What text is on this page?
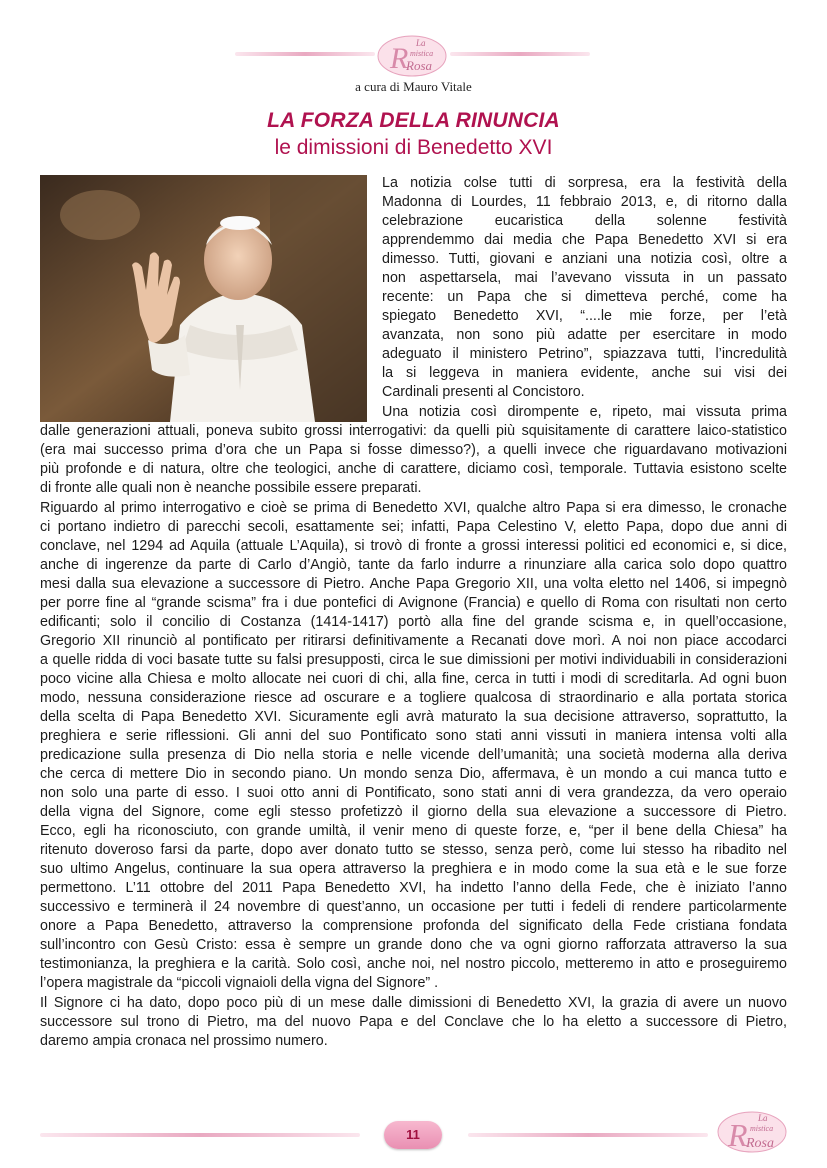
R La
mistica
Rosa
a cura di Mauro Vitale
LA FORZA DELLA RINUNCIA
le dimissioni di Benedetto XVI

La notizia colse tutti di sorpresa, era la festività della

Madonna di Lourdes, 11 febbraio 2013, e, di ritorno dalla

celebrazione eucaristica della solenne festività

apprendemmo dai media che Papa Benedetto XVI si era

dimesso. Tutti, giovani e anziani una notizia così, oltre a

non aspettarsela, mai l’avevano vissuta in un passato

recente: un Papa che si dimetteva perché, come ha

spiegato Benedetto XVI, “....le mie forze, per l’età

avanzata, non sono più adatte per esercitare in modo

adeguato il ministero Petrino”, spiazzava tutti, l’incredulità

la si leggeva in maniera evidente, anche sui visi dei

Cardinali presenti al Concistoro.

Una notizia così dirompente e, ripeto, mai vissuta prima

dalle generazioni attuali, poneva subito grossi interrogativi: da quelli più squisitamente di carattere laico-statistico

(era mai successo prima d’ora che un Papa si fosse dimesso?), a quelli invece che riguardavano motivazioni

più profonde e di natura, oltre che teologici, anche di carattere, diciamo così, temporale. Tuttavia esistono scelte

di fronte alle quali non è neanche possibile essere preparati.

Riguardo al primo interrogativo e cioè se prima di Benedetto XVI, qualche altro Papa si era dimesso, le cronache

ci portano indietro di parecchi secoli, esattamente sei; infatti, Papa Celestino V, eletto Papa, dopo due anni di

conclave, nel 1294 ad Aquila (attuale L’Aquila), si trovò di fronte a grossi interessi politici ed economici e, si dice,

anche di ingerenze da parte di Carlo d’Angiò, tante da farlo indurre a rinunziare alla carica solo dopo quattro

mesi dalla sua elevazione a successore di Pietro. Anche Papa Gregorio XII, una volta eletto nel 1406, si impegnò

per porre fine al “grande scisma” fra i due pontefici di Avignone (Francia) e quello di Roma con risultati non certo

edificanti; solo il concilio di Costanza (1414-1417) portò alla fine del grande scisma e, in quell’occasione,

Gregorio XII rinunciò al pontificato per ritirarsi definitivamente a Recanati dove morì. A noi non piace accodarci

a quelle ridda di voci basate tutte su falsi presupposti, circa le sue dimissioni per motivi individuabili in considerazioni

poco vicine alla Chiesa e molto allocate nei cuori di chi, alla fine, cerca in tutti i modi di screditarla. Ad ogni buon

modo, nessuna considerazione riesce ad oscurare e a togliere qualcosa di straordinario e alla portata storica

della scelta di Papa Benedetto XVI. Sicuramente egli avrà maturato la sua decisione attraverso, soprattutto, la

preghiera e serie riflessioni. Gli anni del suo Pontificato sono stati anni vissuti in maniera intensa volti alla

predicazione sulla presenza di Dio nella storia e nelle vicende dell’umanità; una società moderna alla deriva

che cerca di mettere Dio in secondo piano. Un mondo senza Dio, affermava, è un mondo a cui manca tutto e

non solo una parte di esso. I suoi otto anni di Pontificato, sono stati anni di vera grandezza, da vero operaio

della vigna del Signore, come egli stesso profetizzò il giorno della sua elevazione a successore di Pietro.

Ecco, egli ha riconosciuto, con grande umiltà, il venir meno di queste forze, e, “per il bene della Chiesa” ha

ritenuto doveroso farsi da parte, dopo aver donato tutto se stesso, senza però, come lui stesso ha ribadito nel

suo ultimo Angelus, continuare la sua opera attraverso la preghiera e in modo come la sua età e le sue forze

permettono. L’11 ottobre del 2011 Papa Benedetto XVI, ha indetto l’anno della Fede, che è iniziato l’anno

successivo e terminerà il 24 novembre di quest’anno, un occasione per tutti i fedeli di rendere particolarmente

onore a Papa Benedetto, attraverso la comprensione profonda del significato della Fede cristiana fondata

sull’incontro con Gesù Cristo: essa è sempre un grande dono che va ogni giorno rafforzata attraverso la sua

testimonianza, la preghiera e la carità. Solo così, anche noi, nel nostro piccolo, metteremo in atto e proseguiremo

l’opera magistrale da “piccoli vignaioli della vigna del Signore” .

Il Signore ci ha dato, dopo poco più di un mese dalle dimissioni di Benedetto XVI, la grazia di avere un nuovo

successore sul trono di Pietro, ma del nuovo Papa e del Conclave che lo ha eletto a successore di Pietro,

daremo ampia cronaca nel prossimo numero.

11	R La
mistica
Rosa
